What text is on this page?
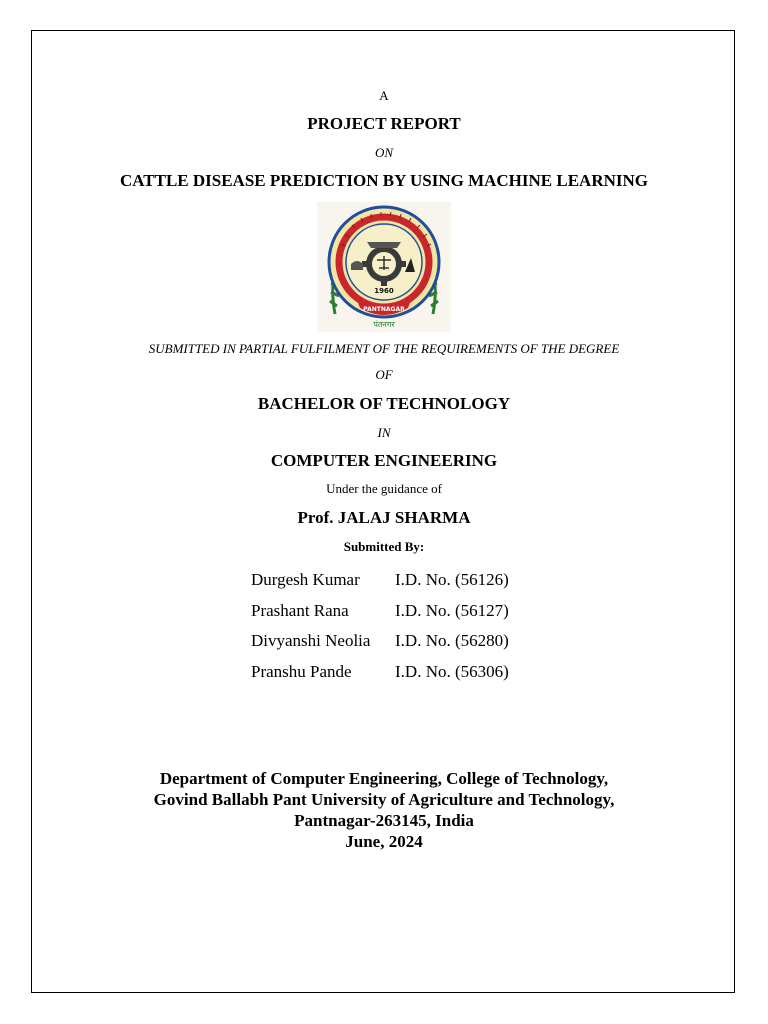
A
PROJECT REPORT
ON
CATTLE DISEASE PREDICTION BY USING MACHINE LEARNING
1960
PANTNAGAR
पंतनगर
SUBMITTED IN PARTIAL FULFILMENT OF THE REQUIREMENTS OF THE DEGREE
OF
BACHELOR OF TECHNOLOGY
IN
COMPUTER ENGINEERING
Under the guidance of
Prof. JALAJ SHARMA
Submitted By:
Durgesh Kumar	I.D. No. (56126)
Prashant Rana	I.D. No. (56127)
Divyanshi Neolia	I.D. No. (56280)
Pranshu Pande	I.D. No. (56306)
Department of Computer Engineering, College of Technology,
Govind Ballabh Pant University of Agriculture and Technology,
Pantnagar-263145, India
June, 2024
